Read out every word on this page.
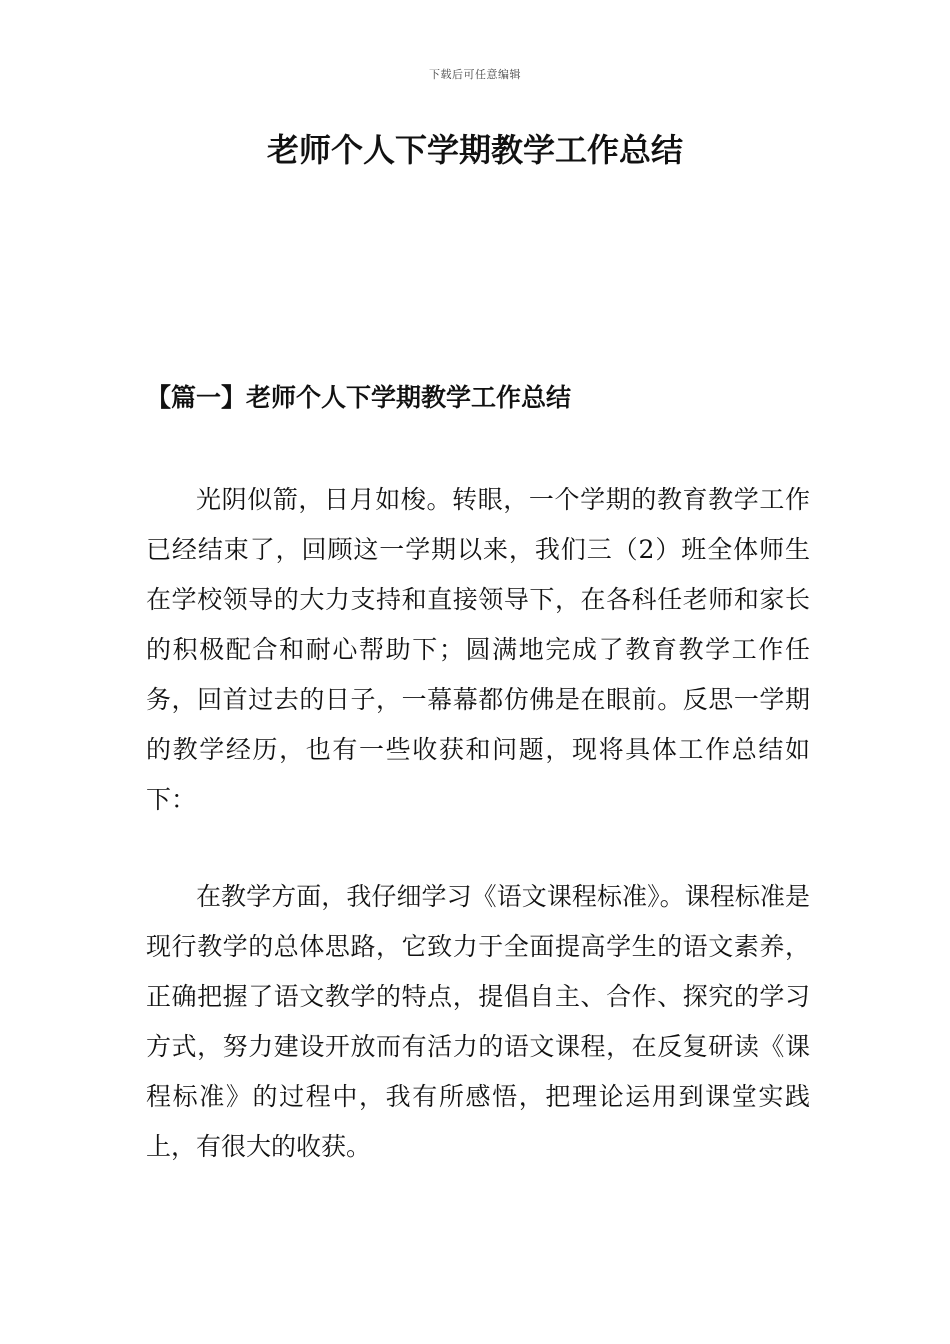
下载后可任意编辑
老师个人下学期教学工作总结
【篇一】老师个人下学期教学工作总结

光阴似箭，日月如梭。转眼，一个学期的教育教学工作已经结束了，回顾这一学期以来，我们三（2）班全体师生在学校领导的大力支持和直接领导下，在各科任老师和家长的积极配合和耐心帮助下；圆满地完成了教育教学工作任务，回首过去的日子，一幕幕都仿佛是在眼前。反思一学期的教学经历，也有一些收获和问题，现将具体工作总结如下：

在教学方面，我仔细学习《语文课程标准》。课程标准是现行教学的总体思路，它致力于全面提高学生的语文素养，正确把握了语文教学的特点，提倡自主、合作、探究的学习方式，努力建设开放而有活力的语文课程，在反复研读《课程标准》的过程中，我有所感悟，把理论运用到课堂实践上，有很大的收获。
